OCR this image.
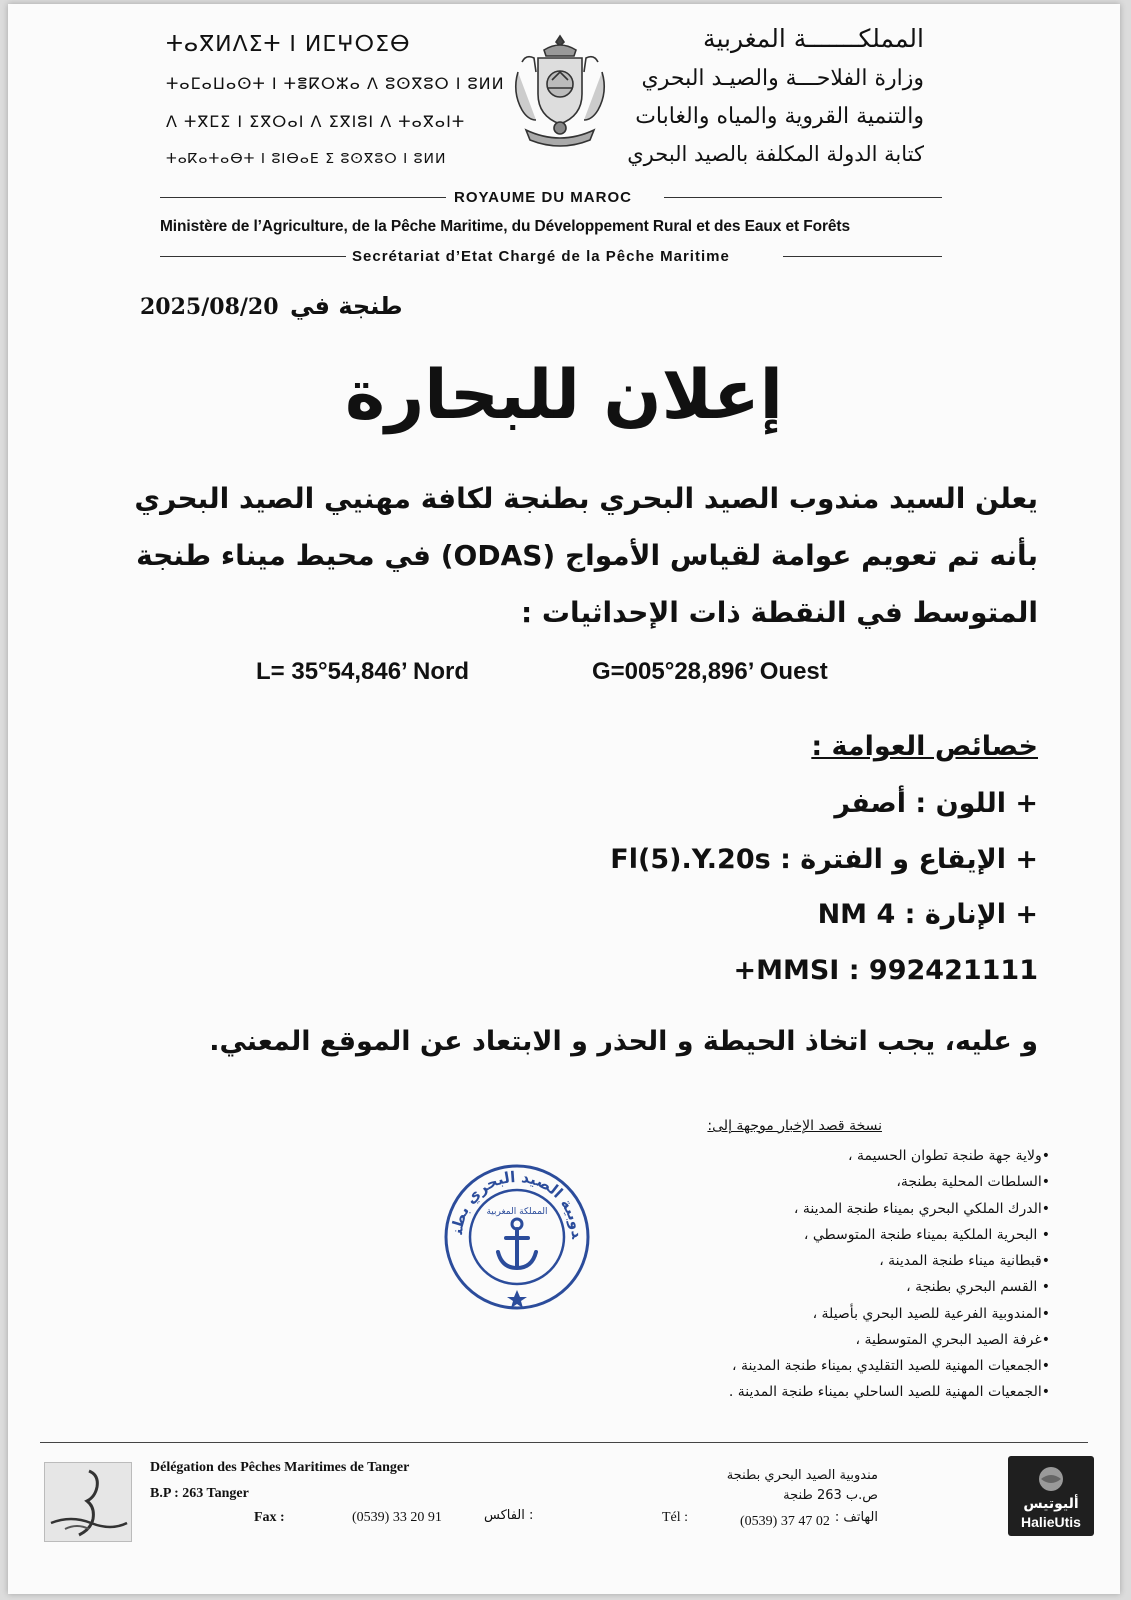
ⵜⴰⴳⵍⴷⵉⵜ ⵏ ⵍⵎⵖⵔⵉⴱ
ⵜⴰⵎⴰⵡⴰⵙⵜ ⵏ ⵜⴻⴽⵔⵣⴰ ⴷ ⵓⵙⴳⵓⵔ ⵏ ⵓⵍⵍ
ⴷ ⵜⴳⵎⵉ ⵏ ⵉⴳⵔⴰⵏ ⴷ ⵉⴳⵏⵓⵏ ⴷ ⵜⴰⴳⴰⵏⵜ
ⵜⴰⴽⴰⵜⴰⴱⵜ ⵏ ⵓⵏⴱⴰⴹ ⵉ ⵓⵙⴳⵓⵔ ⵏ ⵓⵍⵍ
المملكـــــــة المغربية
وزارة الفلاحـــة والصيـد البحري
والتنمية القروية والمياه والغابات
كتابة الدولة المكلفة بالصيد البحري
ROYAUME DU MAROC
Ministère de l’Agriculture, de la Pêche Maritime, du Développement Rural et des Eaux et Forêts
Secrétariat d’Etat Chargé de la Pêche Maritime
2025/08/20 طنجة في
إعلان للبحارة
يعلن السيد مندوب الصيد البحري بطنجة لكافة مهنيي الصيد البحري
بأنه تم تعويم عوامة لقياس الأمواج (ODAS) في محيط ميناء طنجة
المتوسط في النقطة ذات الإحداثيات :
L= 35°54,846’ Nord	G=005°28,896’ Ouest
خصائص العوامة :
+ اللون : أصفر
+ الإيقاع و الفترة : Fl(5).Y.20s
+ الإنارة : 4 NM
MMSI : 992421111+
و عليه، يجب اتخاذ الحيطة و الحذر و الابتعاد عن الموقع المعني.
دوبية الصيد البحري بطن
المملكة المغربية
نسخة قصد الإخبار موجهة إلى:
•ولاية جهة طنجة تطوان الحسيمة ،
•السلطات المحلية بطنجة،
•الدرك الملكي البحري بميناء طنجة المدينة ،
• البحرية الملكية بميناء طنجة المتوسطي ،
•قبطانية ميناء طنجة المدينة ،
• القسم البحري بطنجة ،
•المندوبية الفرعية للصيد البحري بأصيلة ،
•غرفة الصيد البحري المتوسطية ،
•الجمعيات المهنية للصيد التقليدي بميناء طنجة المدينة ،
•الجمعيات المهنية للصيد الساحلي بميناء طنجة المدينة .
Délégation des Pêches Maritimes de Tanger
B.P : 263 Tanger
Fax :	(0539) 33 20 91	: الفاكس	Tél :	(0539) 37 47 02
مندوبية الصيد البحري بطنجة
ص.ب 263 طنجة
الهاتف :
أليوتيس
HalieUtis
